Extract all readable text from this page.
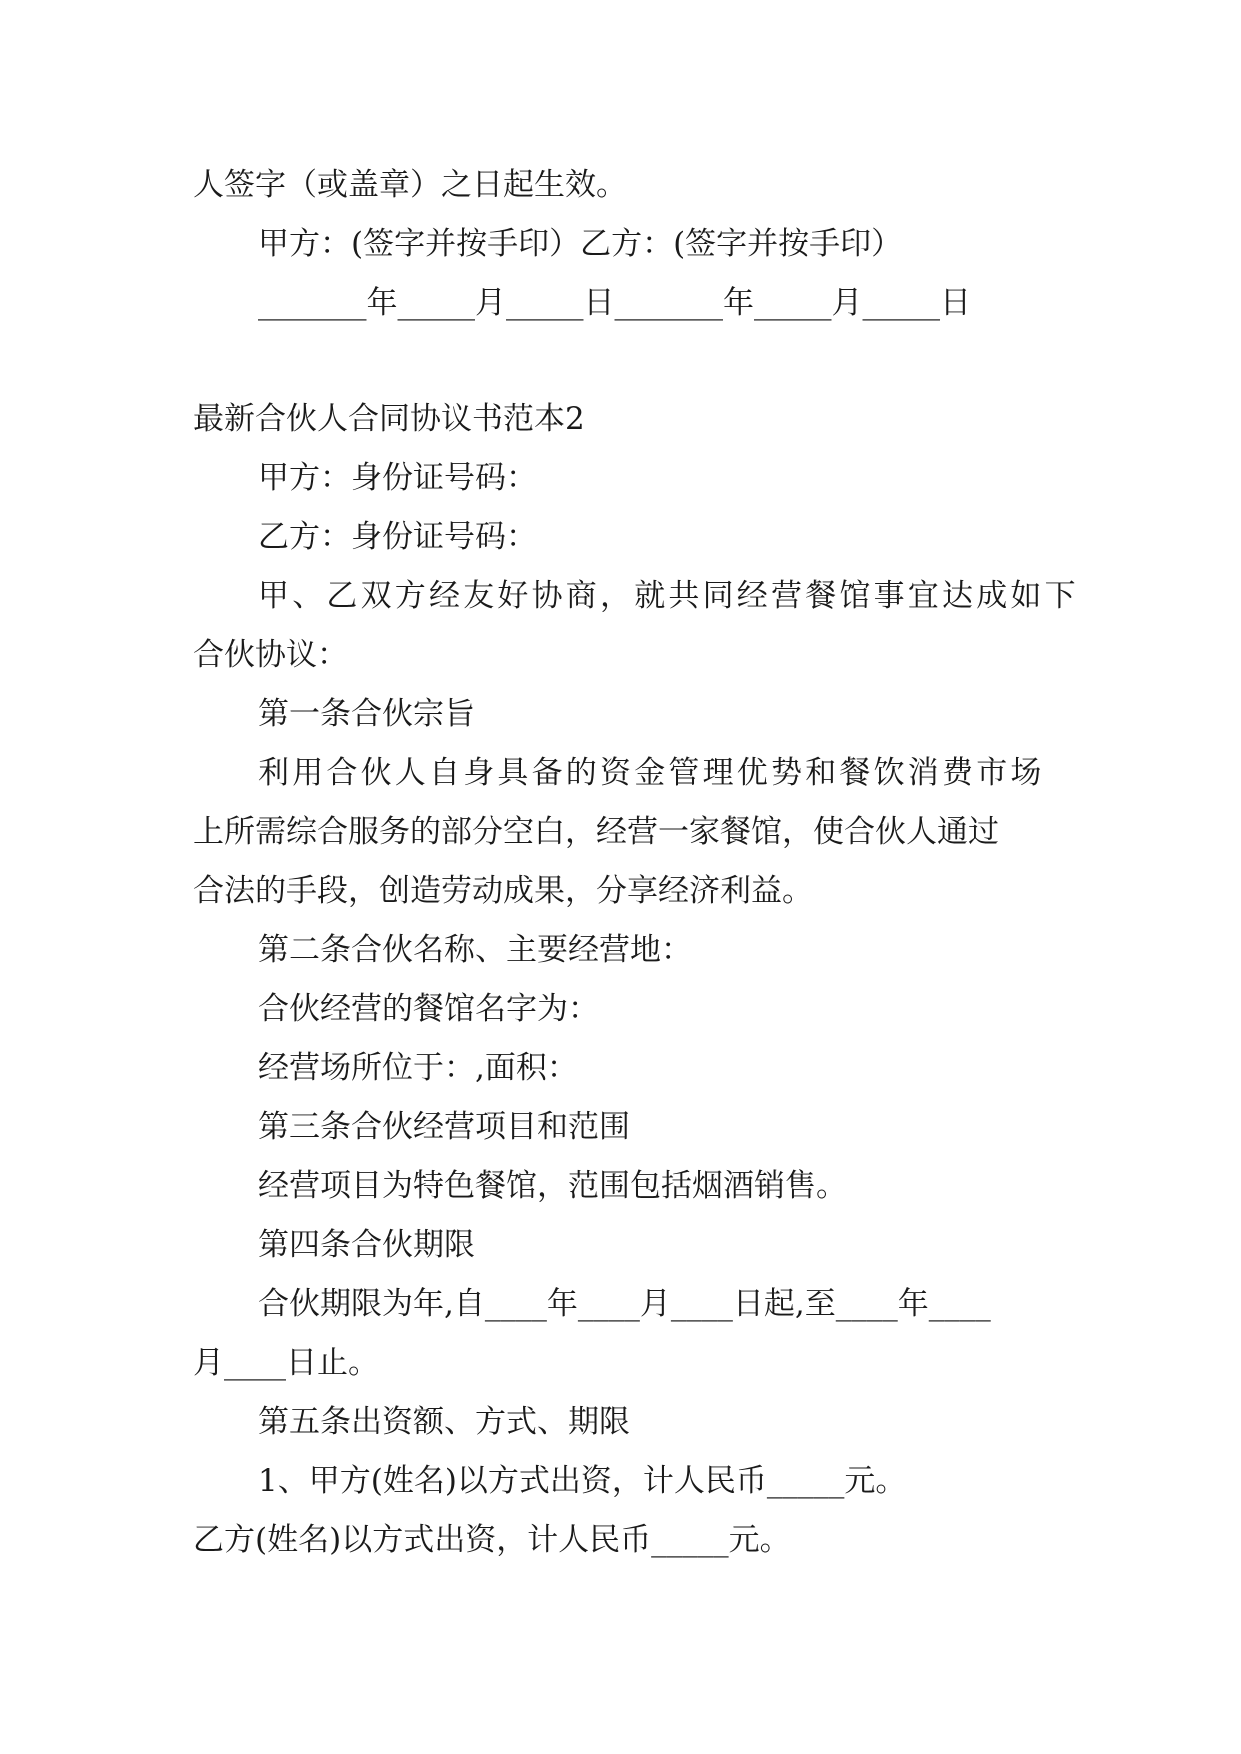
人签字（或盖章）之日起生效。
甲方：(签字并按手印）乙方：(签字并按手印）
_______年_____月_____日_______年_____月_____日
最新合伙人合同协议书范本2
甲方：身份证号码：
乙方：身份证号码：
甲、乙双方经友好协商，就共同经营餐馆事宜达成如下
合伙协议：
第一条合伙宗旨
利用合伙人自身具备的资金管理优势和餐饮消费市场
上所需综合服务的部分空白，经营一家餐馆，使合伙人通过
合法的手段，创造劳动成果，分享经济利益。
第二条合伙名称、主要经营地：
合伙经营的餐馆名字为：
经营场所位于：,面积：
第三条合伙经营项目和范围
经营项目为特色餐馆，范围包括烟酒销售。
第四条合伙期限
合伙期限为年,自____年____月____日起,至____年____
月____日止。
第五条出资额、方式、期限
1、甲方(姓名)以方式出资，计人民币_____元。
乙方(姓名)以方式出资，计人民币_____元。
